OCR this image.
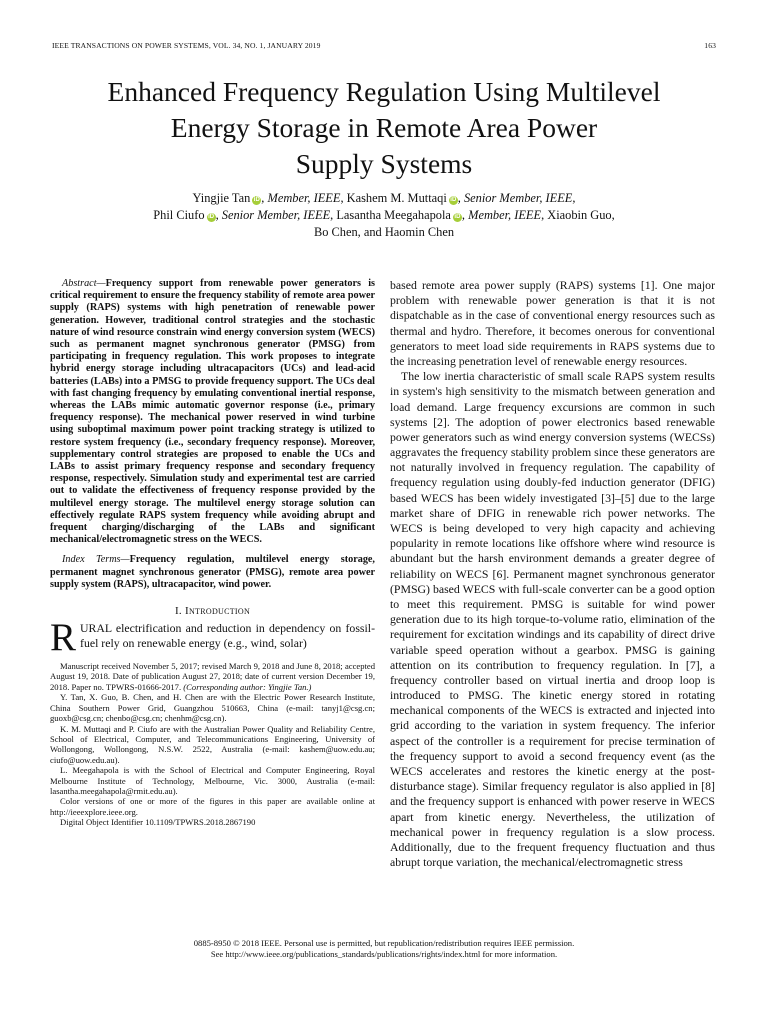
IEEE TRANSACTIONS ON POWER SYSTEMS, VOL. 34, NO. 1, JANUARY 2019	163
Enhanced Frequency Regulation Using Multilevel
Energy Storage in Remote Area Power
Supply Systems
Yingjie Tan iD , Member, IEEE, Kashem M. Muttaqi iD , Senior Member, IEEE,
Phil Ciufo iD , Senior Member, IEEE, Lasantha Meegahapola iD , Member, IEEE, Xiaobin Guo,
Bo Chen, and Haomin Chen

Abstract—Frequency support from renewable power generators is critical requirement to ensure the frequency stability of remote area power supply (RAPS) systems with high penetration of renewable power generation. However, traditional control strategies and the stochastic nature of wind resource constrain wind energy conversion system (WECS) such as permanent magnet synchronous generator (PMSG) from participating in frequency regulation. This work proposes to integrate hybrid energy storage including ultracapacitors (UCs) and lead-acid batteries (LABs) into a PMSG to provide frequency support. The UCs deal with fast changing frequency by emulating conventional inertial response, whereas the LABs mimic automatic governor response (i.e., primary frequency response). The mechanical power reserved in wind turbine using suboptimal maximum power point tracking strategy is utilized to restore system frequency (i.e., secondary frequency response). Moreover, supplementary control strategies are proposed to enable the UCs and LABs to assist primary frequency response and secondary frequency response, respectively. Simulation study and experimental test are carried out to validate the effectiveness of frequency response provided by the multilevel energy storage. The multilevel energy storage solution can effectively regulate RAPS system frequency while avoiding abrupt and frequent charging/discharging of the LABs and significant mechanical/electromagnetic stress on the WECS.

Index Terms—Frequency regulation, multilevel energy storage, permanent magnet synchronous generator (PMSG), remote area power supply system (RAPS), ultracapacitor, wind power.

I. Introduction

RURAL electrification and reduction in dependency on fossil-fuel rely on renewable energy (e.g., wind, solar)

Manuscript received November 5, 2017; revised March 9, 2018 and June 8, 2018; accepted August 19, 2018. Date of publication August 27, 2018; date of current version December 19, 2018. Paper no. TPWRS-01666-2017. (Corresponding author: Yingjie Tan.)

Y. Tan, X. Guo, B. Chen, and H. Chen are with the Electric Power Research Institute, China Southern Power Grid, Guangzhou 510663, China (e-mail: tanyj1@csg.cn; guoxb@csg.cn; chenbo@csg.cn; chenhm@csg.cn).

K. M. Muttaqi and P. Ciufo are with the Australian Power Quality and Reliability Centre, School of Electrical, Computer, and Telecommunications Engineering, University of Wollongong, Wollongong, N.S.W. 2522, Australia (e-mail: kashem@uow.edu.au; ciufo@uow.edu.au).

L. Meegahapola is with the School of Electrical and Computer Engineering, Royal Melbourne Institute of Technology, Melbourne, Vic. 3000, Australia (e-mail: lasantha.meegahapola@rmit.edu.au).

Color versions of one or more of the figures in this paper are available online at http://ieeexplore.ieee.org.

Digital Object Identifier 10.1109/TPWRS.2018.2867190

based remote area power supply (RAPS) systems [1]. One major problem with renewable power generation is that it is not dispatchable as in the case of conventional energy resources such as thermal and hydro. Therefore, it becomes onerous for conventional generators to meet load side requirements in RAPS systems due to the increasing penetration level of renewable energy resources.

The low inertia characteristic of small scale RAPS system results in system's high sensitivity to the mismatch between generation and load demand. Large frequency excursions are common in such systems [2]. The adoption of power electronics based renewable power generators such as wind energy conversion systems (WECSs) aggravates the frequency stability problem since these generators are not naturally involved in frequency regulation. The capability of frequency regulation using doubly-fed induction generator (DFIG) based WECS has been widely investigated [3]–[5] due to the large market share of DFIG in renewable rich power networks. The WECS is being developed to very high capacity and achieving popularity in remote locations like offshore where wind resource is abundant but the harsh environment demands a greater degree of reliability on WECS [6]. Permanent magnet synchronous generator (PMSG) based WECS with full-scale converter can be a good option to meet this requirement. PMSG is suitable for wind power generation due to its high torque-to-volume ratio, elimination of the requirement for excitation windings and its capability of direct drive variable speed operation without a gearbox. PMSG is gaining attention on its contribution to frequency regulation. In [7], a frequency controller based on virtual inertia and droop loop is introduced to PMSG. The kinetic energy stored in rotating mechanical components of the WECS is extracted and injected into grid according to the variation in system frequency. The inferior aspect of the controller is a requirement for precise termination of the frequency support to avoid a second frequency event (as the WECS accelerates and restores the kinetic energy at the post-disturbance stage). Similar frequency regulator is also applied in [8] and the frequency support is enhanced with power reserve in WECS apart from kinetic energy. Nevertheless, the utilization of mechanical power in frequency regulation is a slow process. Additionally, due to the frequent frequency fluctuation and thus abrupt torque variation, the mechanical/electromagnetic stress

0885-8950 © 2018 IEEE. Personal use is permitted, but republication/redistribution requires IEEE permission.
See http://www.ieee.org/publications_standards/publications/rights/index.html for more information.
